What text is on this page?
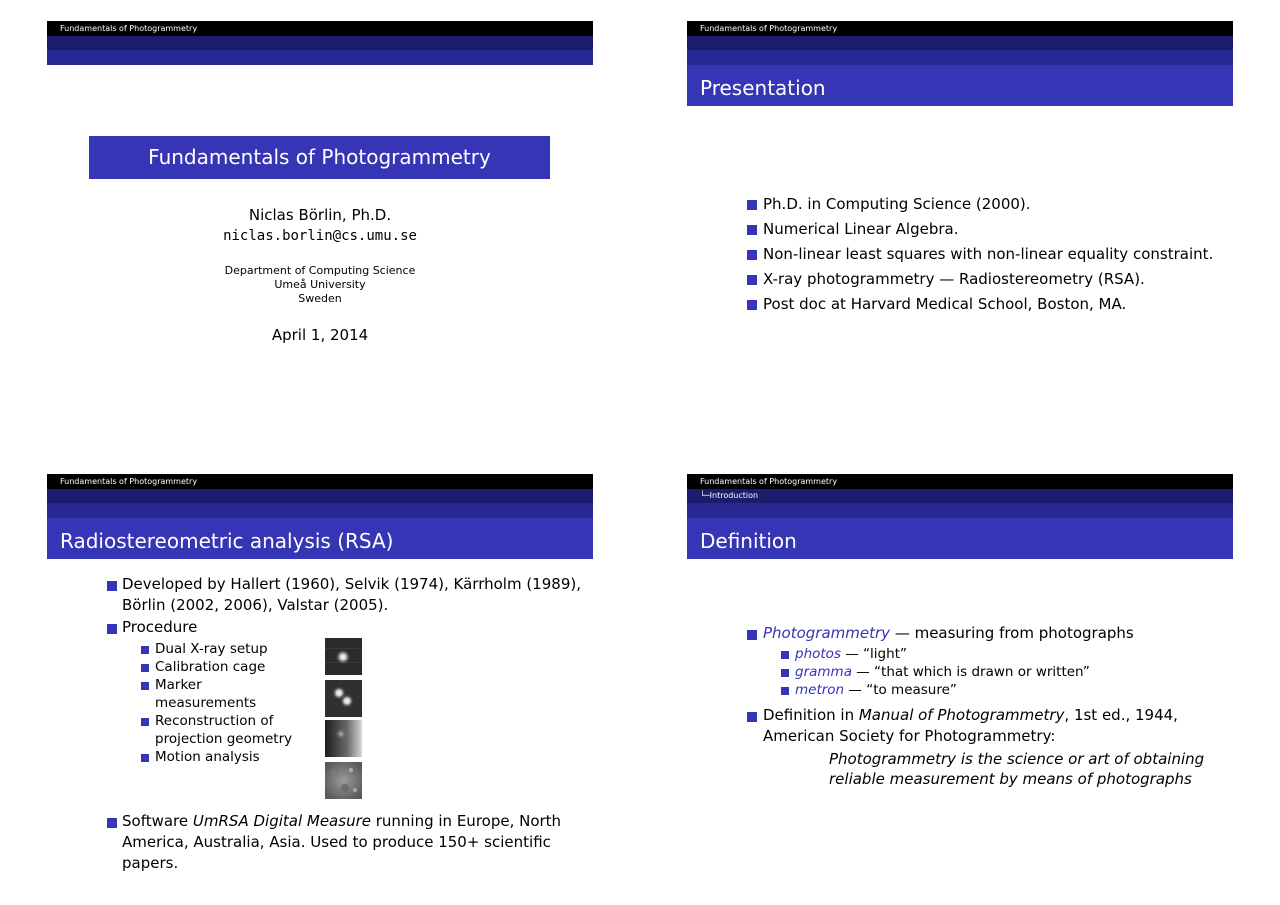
Fundamentals of Photogrammetry
Fundamentals of Photogrammetry
Niclas Börlin, Ph.D.
niclas.borlin@cs.umu.se
Department of Computing Science
Umeå University
Sweden
April 1, 2014
Fundamentals of Photogrammetry
Presentation
Ph.D. in Computing Science (2000).
Numerical Linear Algebra.
Non-linear least squares with non-linear equality constraint.
X-ray photogrammetry — Radiostereometry (RSA).
Post doc at Harvard Medical School, Boston, MA.
Fundamentals of Photogrammetry
Radiostereometric analysis (RSA)
Developed by Hallert (1960), Selvik (1974), Kärrholm (1989),
Börlin (2002, 2006), Valstar (2005).
Procedure
Dual X-ray setup
Calibration cage
Marker
measurements
Reconstruction of
projection geometry
Motion analysis
Software UmRSA Digital Measure running in Europe, North
America, Australia, Asia. Used to produce 150+ scientific
papers.
Fundamentals of Photogrammetry
└─Introduction
Definition
Photogrammetry — measuring from photographs
photos — “light”
gramma — “that which is drawn or written”
metron — “to measure”
Definition in Manual of Photogrammetry, 1st ed., 1944,
American Society for Photogrammetry:
Photogrammetry is the science or art of obtaining
reliable measurement by means of photographs
